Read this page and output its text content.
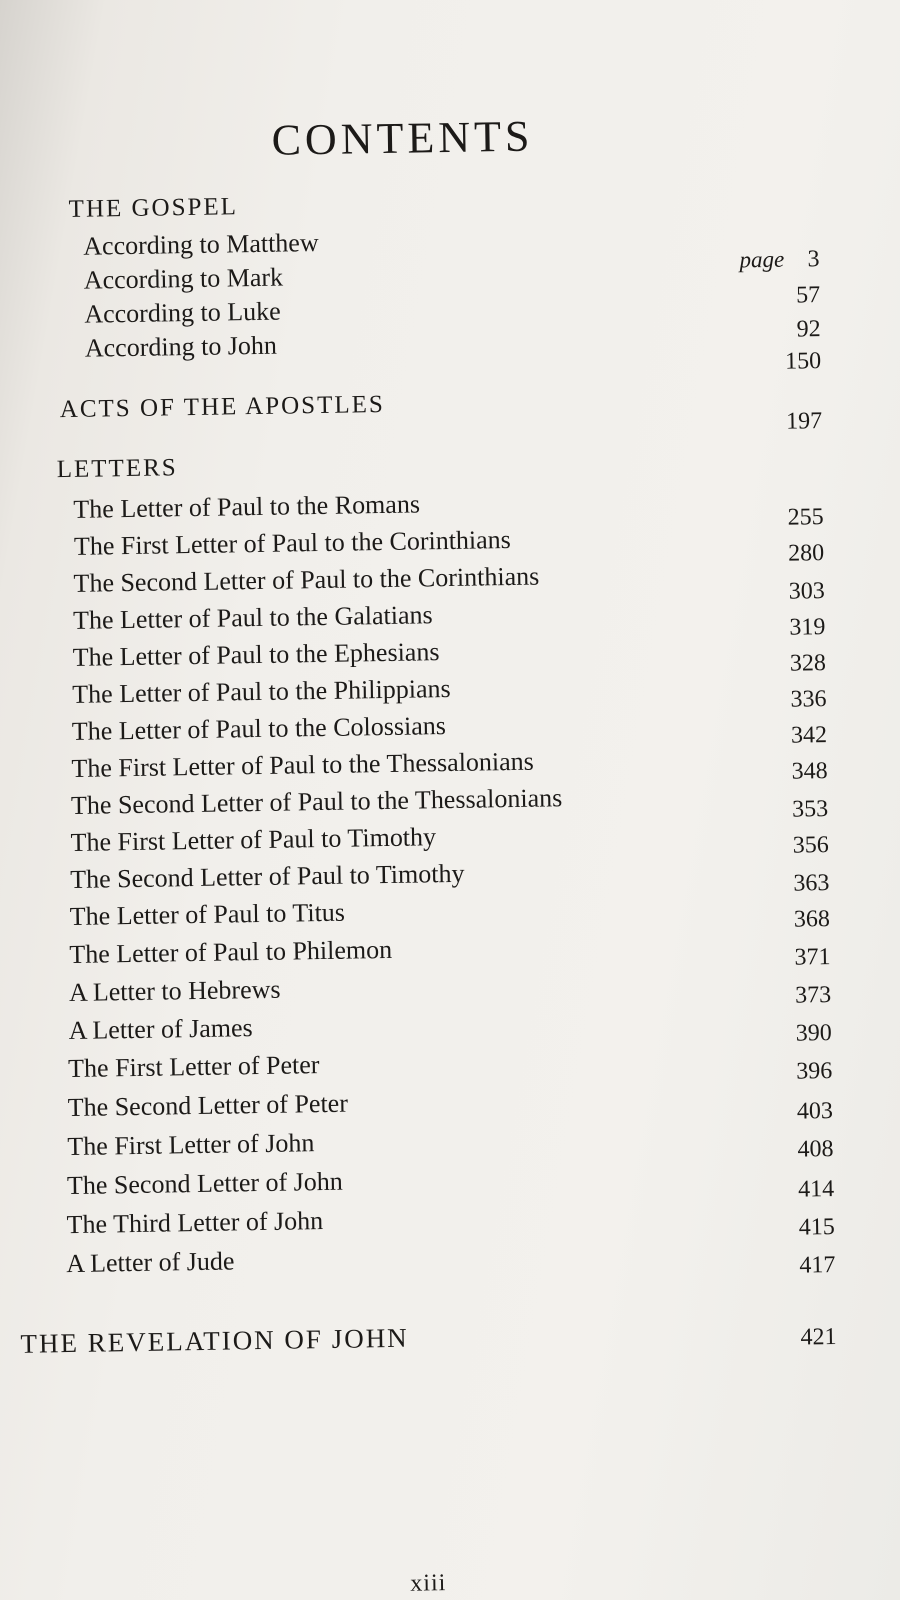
CONTENTS
THE GOSPEL
According to Matthew
According to Mark
According to Luke
According to John
page 3
57
92
150
ACTS OF THE APOSTLES	197
LETTERS
The Letter of Paul to the Romans
The First Letter of Paul to the Corinthians
The Second Letter of Paul to the Corinthians
The Letter of Paul to the Galatians
The Letter of Paul to the Ephesians
The Letter of Paul to the Philippians
The Letter of Paul to the Colossians
The First Letter of Paul to the Thessalonians
The Second Letter of Paul to the Thessalonians
The First Letter of Paul to Timothy
The Second Letter of Paul to Timothy
The Letter of Paul to Titus
The Letter of Paul to Philemon
A Letter to Hebrews
A Letter of James
The First Letter of Peter
The Second Letter of Peter
The First Letter of John
The Second Letter of John
The Third Letter of John
A Letter of Jude
255
280
303
319
328
336
342
348
353
356
363
368
371
373
390
396
403
408
414
415
417
THE REVELATION OF JOHN	421
xiii
